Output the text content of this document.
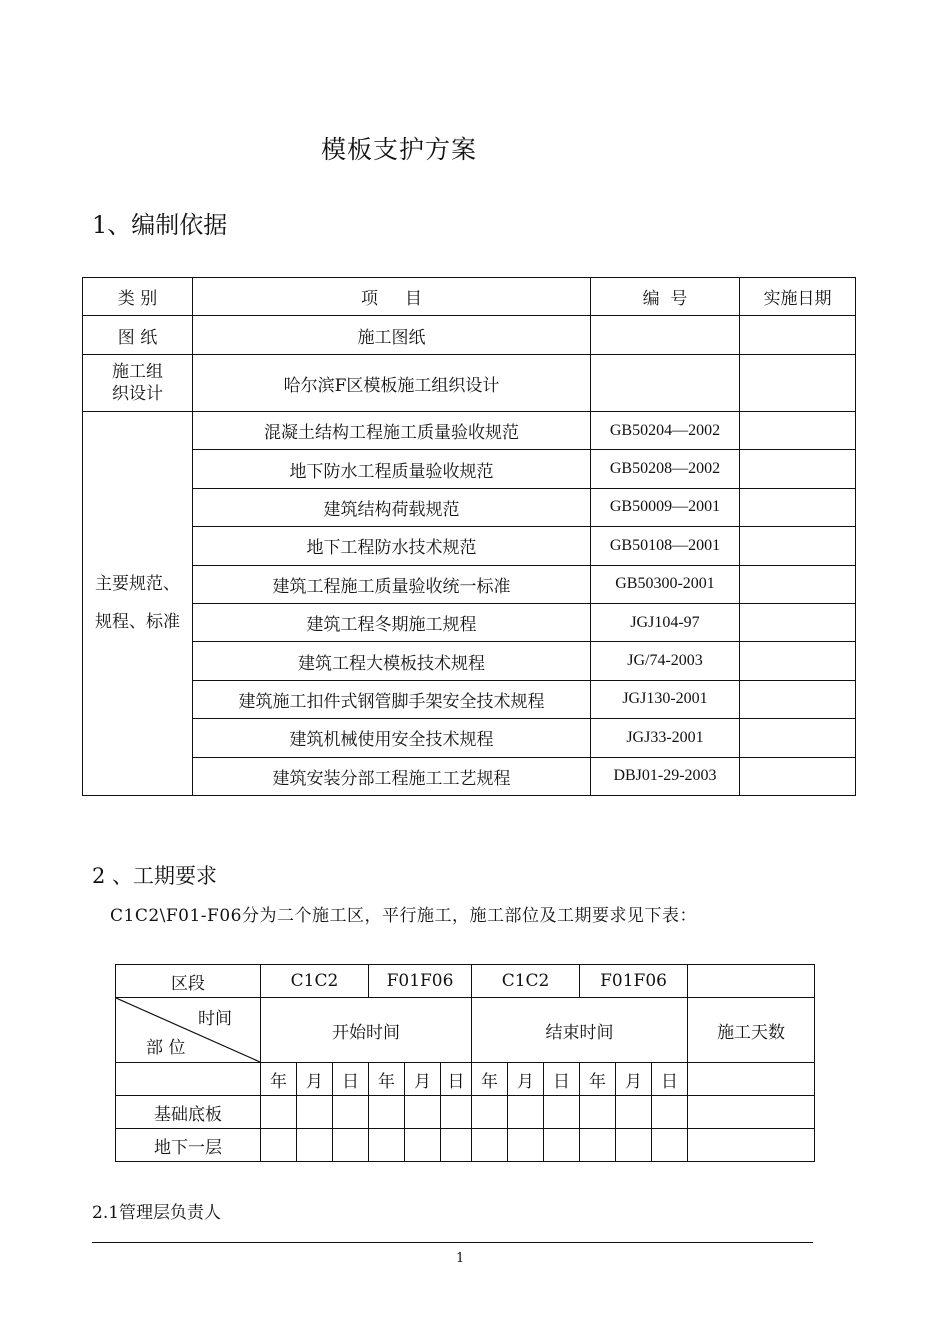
模板支护方案
1、编制依据
类 别	项     目	编  号	实施日期
图 纸	施工图纸		
施工组
织设计	哈尔滨F区模板施工组织设计		
主要规范、
规程、标准	混凝土结构工程施工质量验收规范	GB50204—2002	
	地下防水工程质量验收规范	GB50208—2002	
	建筑结构荷载规范	GB50009—2001	
	地下工程防水技术规范	GB50108—2001	
	建筑工程施工质量验收统一标准	GB50300-2001	
	建筑工程冬期施工规程	JGJ104-97	
	建筑工程大模板技术规程	JG/74-2003	
	建筑施工扣件式钢管脚手架安全技术规程	JGJ130-2001	
	建筑机械使用安全技术规程	JGJ33-2001	
	建筑安装分部工程施工工艺规程	DBJ01-29-2003	
2 、工期要求
C1C2\F01-F06分为二个施工区，平行施工，施工部位及工期要求见下表：
区段	C1C2			F01F06			C1C2			F01F06			

时间
部 位	开始时间						结束时间						施工天数
	年	月	日	年	月	日	年	月	日	年	月	日	
基础底板													
地下一层													
2.1管理层负责人
1
